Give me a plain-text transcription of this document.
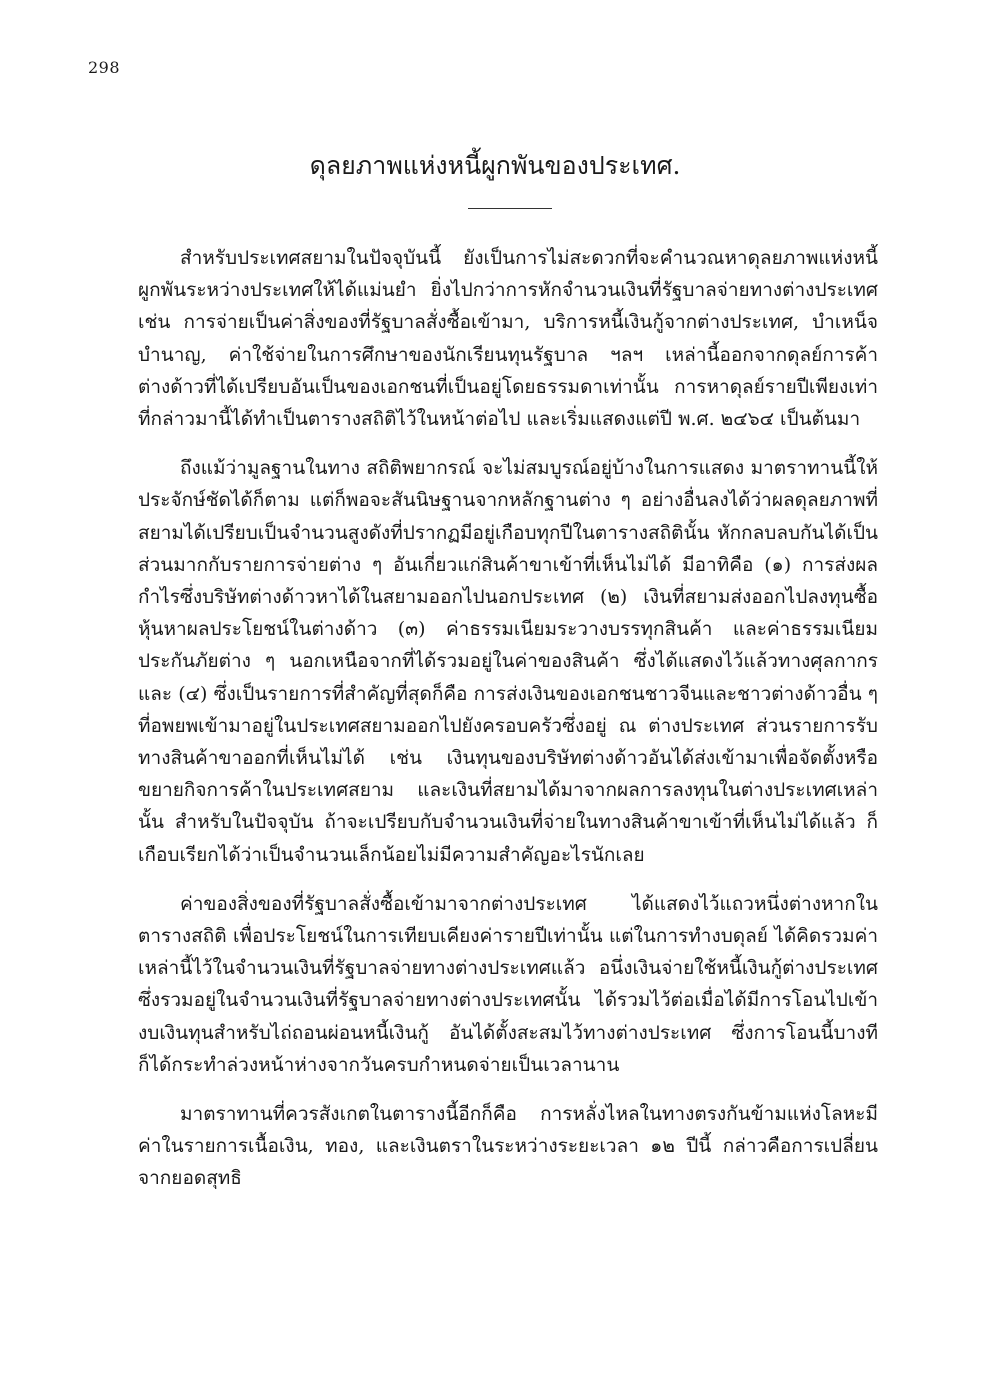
298
ดุลยภาพแห่งหนี้ผูกพันของประเทศ.

สำหรับประเทศสยามในปัจจุบันนี้ ยังเป็นการไม่สะดวกที่จะคำนวณหาดุลยภาพแห่งหนี้ผูกพันระหว่างประเทศให้ได้แม่นยำ ยิ่งไปกว่าการหักจำนวนเงินที่รัฐบาลจ่ายทางต่างประเทศ เช่น การจ่ายเป็นค่าสิ่งของที่รัฐบาลสั่งซื้อเข้ามา, บริการหนี้เงินกู้จากต่างประเทศ, บำเหน็จบำนาญ, ค่าใช้จ่ายในการศึกษาของนักเรียนทุนรัฐบาล ฯลฯ เหล่านี้ออกจากดุลย์การค้าต่างด้าวที่ได้เปรียบอันเป็นของเอกชนที่เป็นอยู่โดยธรรมดาเท่านั้น การหาดุลย์รายปีเพียงเท่าที่กล่าวมานี้ได้ทำเป็นตารางสถิติไว้ในหน้าต่อไป และเริ่มแสดงแต่ปี พ.ศ. ๒๔๖๔ เป็นต้นมา

ถึงแม้ว่ามูลฐานในทาง สถิติพยากรณ์ จะไม่สมบูรณ์อยู่บ้างในการแสดง มาตราทานนี้ให้ประจักษ์ชัดได้ก็ตาม แต่ก็พอจะสันนิษฐานจากหลักฐานต่าง ๆ อย่างอื่นลงได้ว่าผลดุลยภาพที่สยามได้เปรียบเป็นจำนวนสูงดังที่ปรากฏมีอยู่เกือบทุกปีในตารางสถิตินั้น หักกลบลบกันได้เป็นส่วนมากกับรายการจ่ายต่าง ๆ อันเกี่ยวแก่สินค้าขาเข้าที่เห็นไม่ได้ มีอาทิคือ (๑) การส่งผลกำไรซึ่งบริษัทต่างด้าวหาได้ในสยามออกไปนอกประเทศ (๒) เงินที่สยามส่งออกไปลงทุนซื้อหุ้นหาผลประโยชน์ในต่างด้าว (๓) ค่าธรรมเนียมระวางบรรทุกสินค้า และค่าธรรมเนียมประกันภัยต่าง ๆ นอกเหนือจากที่ได้รวมอยู่ในค่าของสินค้า ซึ่งได้แสดงไว้แล้วทางศุลกากร และ (๔) ซึ่งเป็นรายการที่สำคัญที่สุดก็คือ การส่งเงินของเอกชนชาวจีนและชาวต่างด้าวอื่น ๆ ที่อพยพเข้ามาอยู่ในประเทศสยามออกไปยังครอบครัวซึ่งอยู่ ณ ต่างประเทศ ส่วนรายการรับทางสินค้าขาออกที่เห็นไม่ได้ เช่น เงินทุนของบริษัทต่างด้าวอันได้ส่งเข้ามาเพื่อจัดตั้งหรือขยายกิจการค้าในประเทศสยาม และเงินที่สยามได้มาจากผลการลงทุนในต่างประเทศเหล่านั้น สำหรับในปัจจุบัน ถ้าจะเปรียบกับจำนวนเงินที่จ่ายในทางสินค้าขาเข้าที่เห็นไม่ได้แล้ว ก็เกือบเรียกได้ว่าเป็นจำนวนเล็กน้อยไม่มีความสำคัญอะไรนักเลย

ค่าของสิ่งของที่รัฐบาลสั่งซื้อเข้ามาจากต่างประเทศ ได้แสดงไว้แถวหนึ่งต่างหากในตารางสถิติ เพื่อประโยชน์ในการเทียบเคียงค่ารายปีเท่านั้น แต่ในการทำงบดุลย์ ได้คิดรวมค่าเหล่านี้ไว้ในจำนวนเงินที่รัฐบาลจ่ายทางต่างประเทศแล้ว อนึ่งเงินจ่ายใช้หนี้เงินกู้ต่างประเทศซึ่งรวมอยู่ในจำนวนเงินที่รัฐบาลจ่ายทางต่างประเทศนั้น ได้รวมไว้ต่อเมื่อได้มีการโอนไปเข้างบเงินทุนสำหรับไถ่ถอนผ่อนหนี้เงินกู้ อันได้ตั้งสะสมไว้ทางต่างประเทศ ซึ่งการโอนนี้บางทีก็ได้กระทำล่วงหน้าห่างจากวันครบกำหนดจ่ายเป็นเวลานาน

มาตราทานที่ควรสังเกตในตารางนี้อีกก็คือ การหลั่งไหลในทางตรงกันข้ามแห่งโลหะมีค่าในรายการเนื้อเงิน, ทอง, และเงินตราในระหว่างระยะเวลา ๑๒ ปีนี้ กล่าวคือการเปลี่ยนจากยอดสุทธิ
